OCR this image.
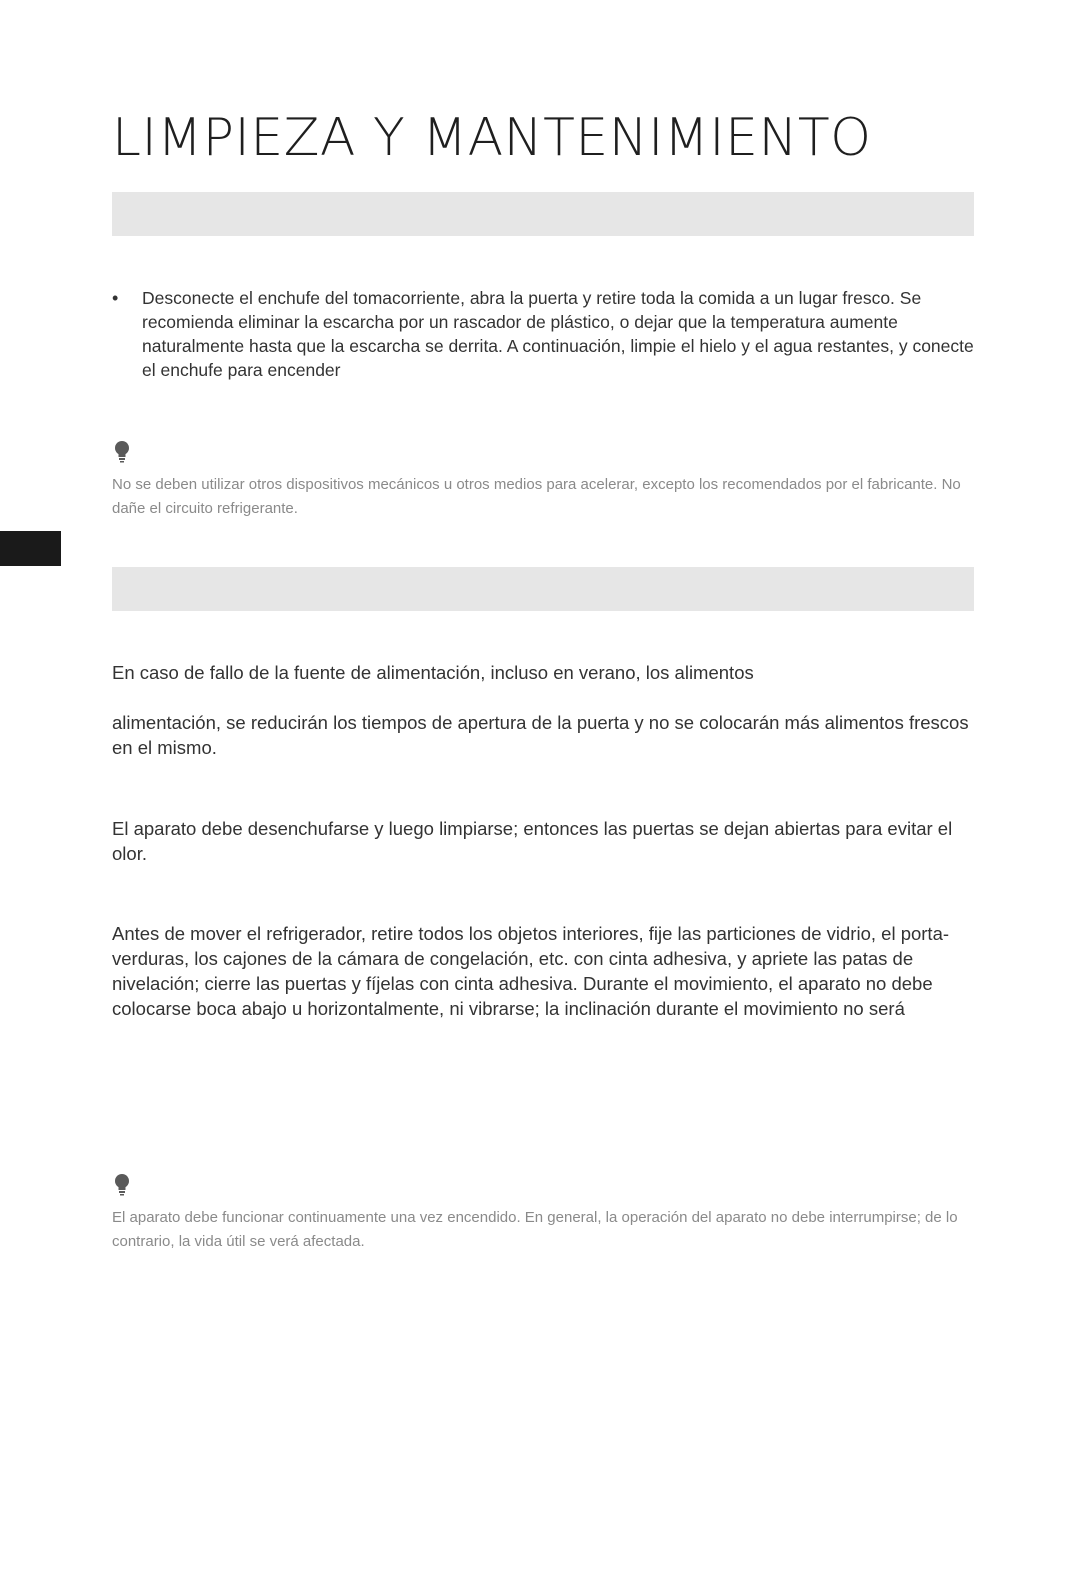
LIMPIEZA Y MANTENIMIENTO
• Desconecte el enchufe del tomacorriente, abra la puerta y retire toda la comida a un lugar fresco. Se recomienda eliminar la escarcha por un rascador de plástico, o dejar que la temperatura aumente naturalmente hasta que la escarcha se derrita. A continuación, limpie el hielo y el agua restantes, y conecte el enchufe para encender

No se deben utilizar otros dispositivos mecánicos u otros medios para acelerar, excepto los recomendados por el fabricante. No dañe el circuito refrigerante.

En caso de fallo de la fuente de alimentación, incluso en verano, los alimentos

alimentación, se reducirán los tiempos de apertura de la puerta y no se colocarán más alimentos frescos en el mismo.

El aparato debe desenchufarse y luego limpiarse; entonces las puertas se dejan abiertas para evitar el olor.

Antes de mover el refrigerador, retire todos los objetos interiores, fije las particiones de vidrio, el porta-verduras, los cajones de la cámara de congelación, etc. con cinta adhesiva, y apriete las patas de nivelación; cierre las puertas y fíjelas con cinta adhesiva. Durante el movimiento, el aparato no debe colocarse boca abajo u horizontalmente, ni vibrarse; la inclinación durante el movimiento no será

El aparato debe funcionar continuamente una vez encendido. En general, la operación del aparato no debe interrumpirse; de lo contrario, la vida útil se verá afectada.
